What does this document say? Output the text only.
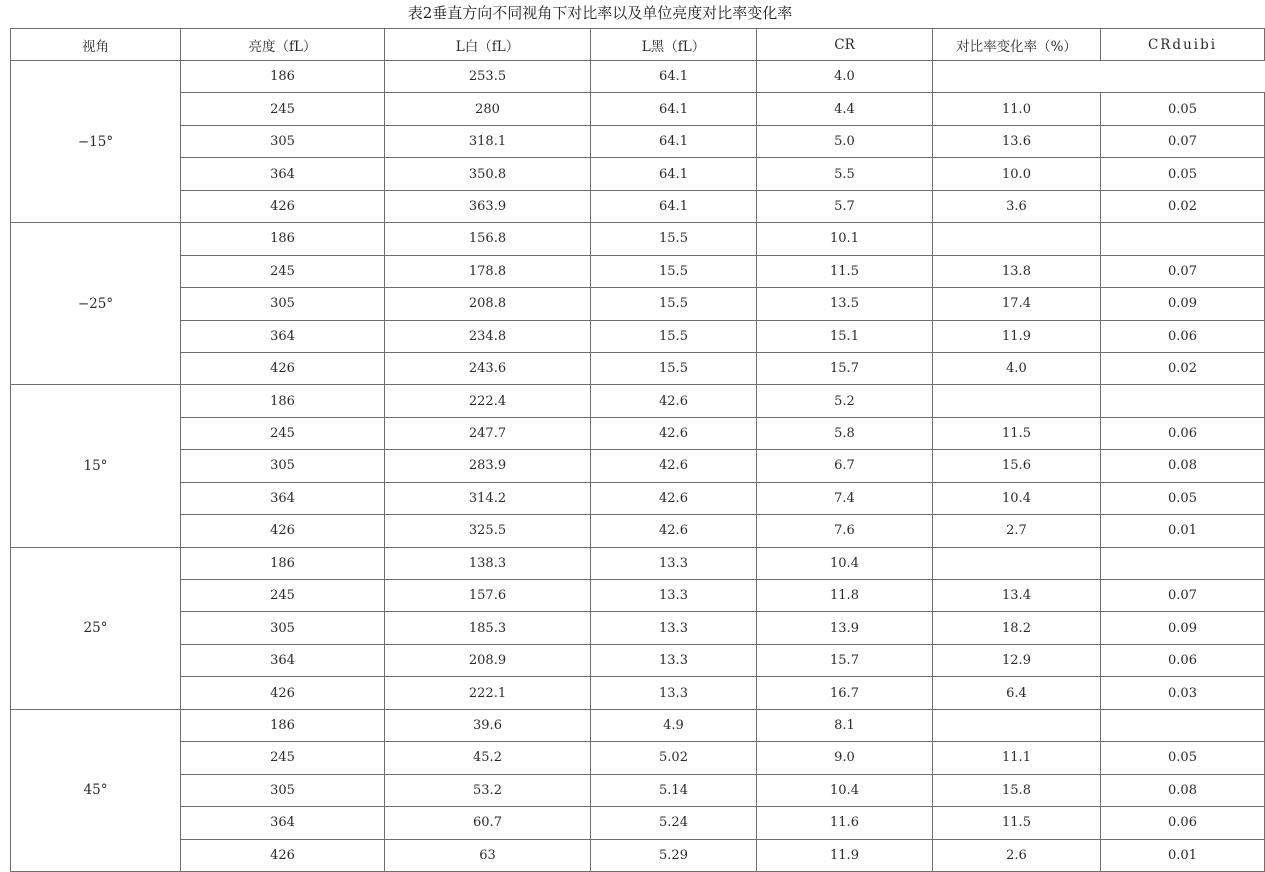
表2垂直方向不同视角下对比率以及单位亮度对比率变化率
视角	亮度（fL）	L白（fL）	L黑（fL）	CR	对比率变化率（%）	CRduibi
−15°	186	253.5	64.1	4.0		
	245	280	64.1	4.4	11.0	0.05
	305	318.1	64.1	5.0	13.6	0.07
	364	350.8	64.1	5.5	10.0	0.05
	426	363.9	64.1	5.7	3.6	0.02
−25°	186	156.8	15.5	10.1		
	245	178.8	15.5	11.5	13.8	0.07
	305	208.8	15.5	13.5	17.4	0.09
	364	234.8	15.5	15.1	11.9	0.06
	426	243.6	15.5	15.7	4.0	0.02
15°	186	222.4	42.6	5.2		
	245	247.7	42.6	5.8	11.5	0.06
	305	283.9	42.6	6.7	15.6	0.08
	364	314.2	42.6	7.4	10.4	0.05
	426	325.5	42.6	7.6	2.7	0.01
25°	186	138.3	13.3	10.4		
	245	157.6	13.3	11.8	13.4	0.07
	305	185.3	13.3	13.9	18.2	0.09
	364	208.9	13.3	15.7	12.9	0.06
	426	222.1	13.3	16.7	6.4	0.03
45°	186	39.6	4.9	8.1		
	245	45.2	5.02	9.0	11.1	0.05
	305	53.2	5.14	10.4	15.8	0.08
	364	60.7	5.24	11.6	11.5	0.06
	426	63	5.29	11.9	2.6	0.01
